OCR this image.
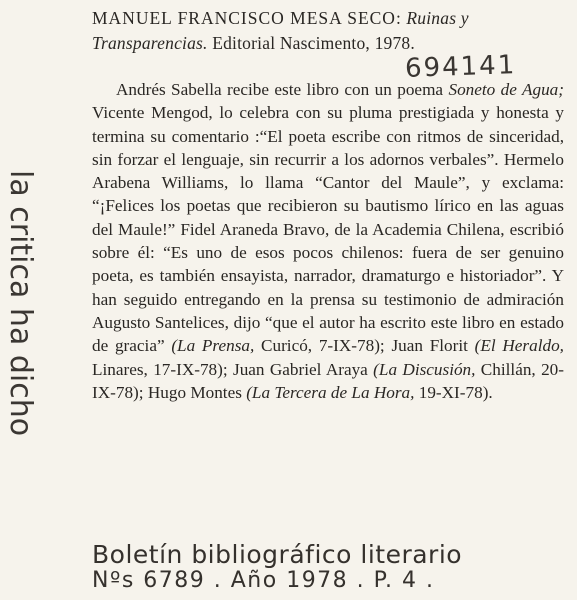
MANUEL FRANCISCO MESA SECO: Ruinas y Transparencias. Editorial Nascimento, 1978.
694141
la critica ha dicho

Andrés Sabella recibe este libro con un poema Soneto de Agua; Vicente Mengod, lo celebra con su pluma prestigiada y honesta y termina su comentario :“El poeta escribe con ritmos de sinceridad, sin forzar el lenguaje, sin recurrir a los adornos verbales”. Hermelo Arabena Williams, lo llama “Cantor del Maule”, y exclama: “¡Felices los poetas que recibieron su bautismo lírico en las aguas del Maule!” Fidel Araneda Bravo, de la Academia Chilena, escribió sobre él: “Es uno de esos pocos chilenos: fuera de ser genuino poeta, es también ensayista, narrador, dramaturgo e historiador”. Y han seguido entregando en la prensa su testimonio de admiración Augusto Santelices, dijo “que el autor ha escrito este libro en estado de gracia” (La Prensa, Curicó, 7-IX-78); Juan Florit (El Heraldo, Linares, 17-IX-78); Juan Gabriel Araya (La Discusión, Chillán, 20-IX-78); Hugo Montes (La Tercera de La Hora, 19-XI-78).

Boletín bibliográfico literario
Nºs 6789 . Año 1978 . P. 4 .
